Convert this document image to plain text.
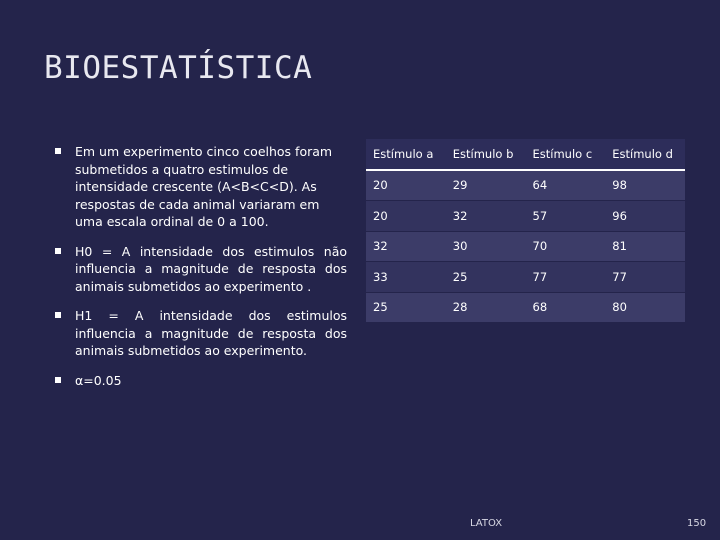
BIOESTATÍSTICA
Em um experimento cinco coelhos foram submetidos a quatro estimulos de intensidade crescente (A<B<C<D). As respostas de cada animal variaram em uma escala ordinal de 0 a 100.
H0 = A intensidade dos estimulos não influencia a magnitude de resposta dos animais submetidos ao experimento .
H1 = A intensidade dos estimulos influencia a magnitude de resposta dos animais submetidos ao experimento.
α=0.05
Estímulo a	Estímulo b	Estímulo c	Estímulo d
20	29	64	98
20	32	57	96
32	30	70	81
33	25	77	77
25	28	68	80
LATOX	150
